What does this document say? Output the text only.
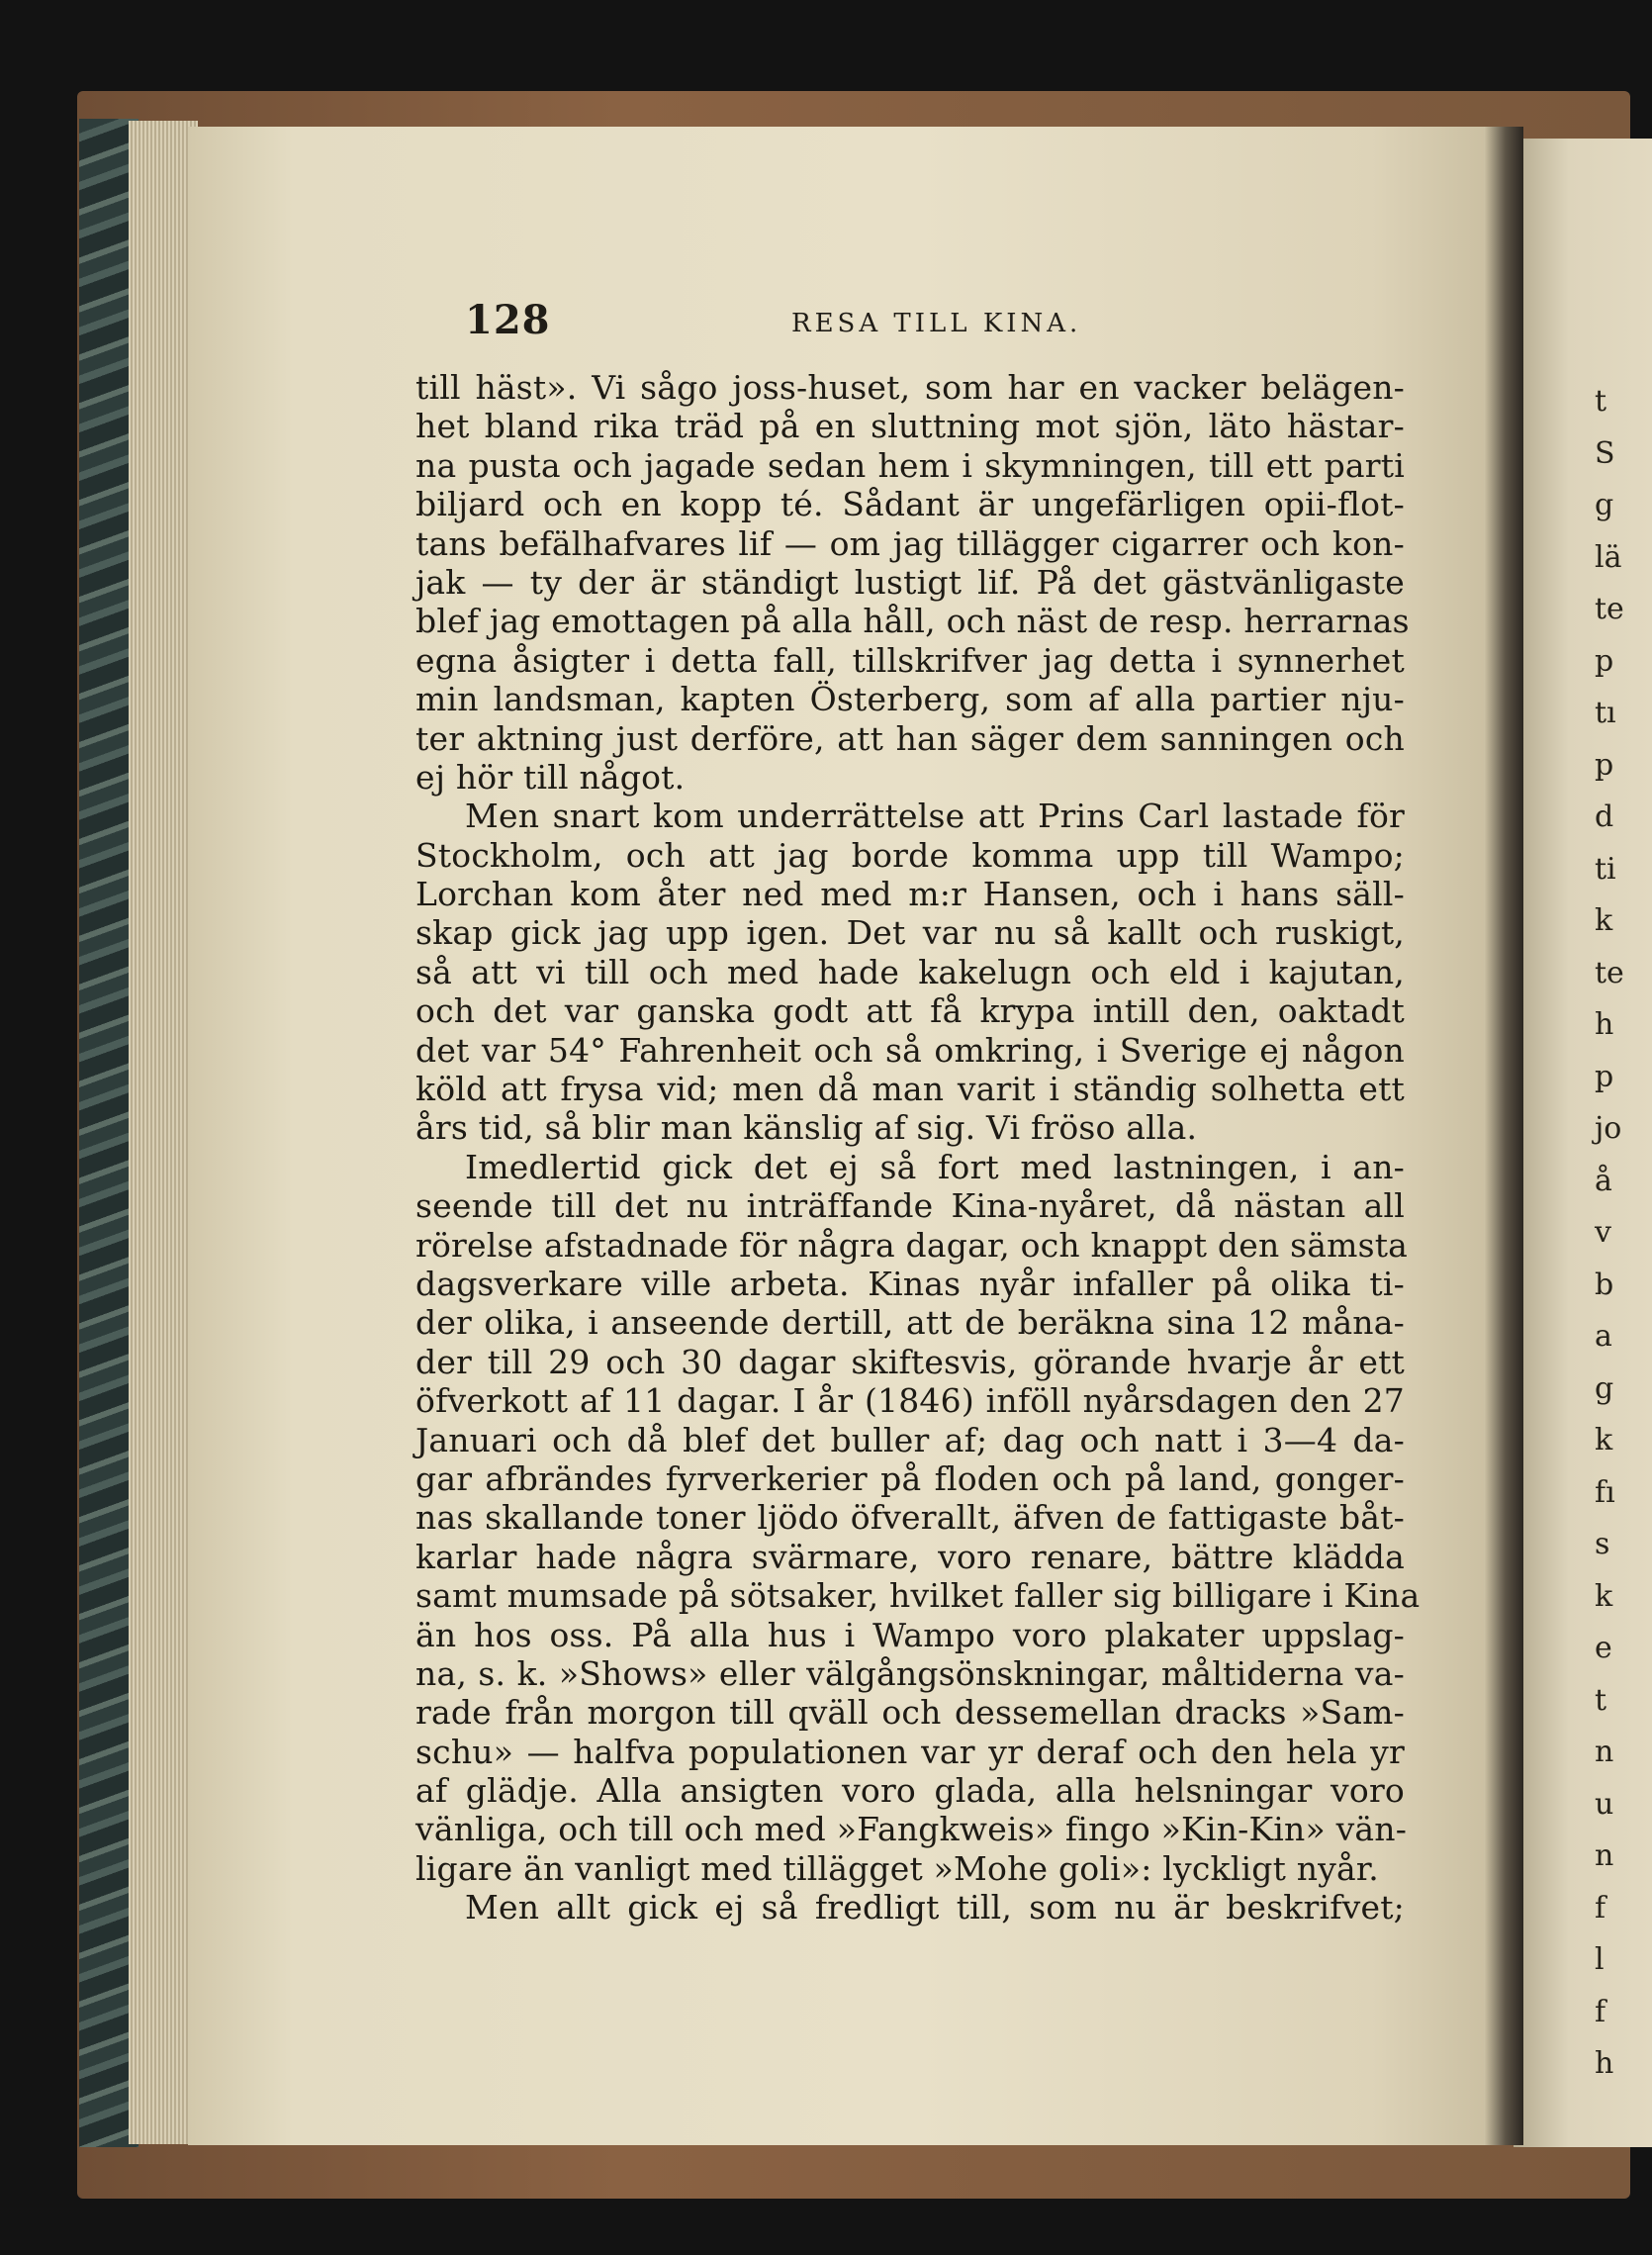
t
S
g
lä
te
p
tı
p
d
ti
k
te
h
p
jo
å
v
b
a
g
k
fı
s
k
e
t
n
u
n
f
l
f
h
128	RESA TILL KINA.
till häst». Vi sågo joss-huset, som har en vacker belägen-
het bland rika träd på en sluttning mot sjön, läto hästar-
na pusta och jagade sedan hem i skymningen, till ett parti
biljard och en kopp té. Sådant är ungefärligen opii-flot-
tans befälhafvares lif — om jag tillägger cigarrer och kon-
jak — ty der är ständigt lustigt lif. På det gästvänligaste
blef jag emottagen på alla håll, och näst de resp. herrarnas
egna åsigter i detta fall, tillskrifver jag detta i synnerhet
min landsman, kapten Österberg, som af alla partier nju-
ter aktning just derföre, att han säger dem sanningen och
ej hör till något.
Men snart kom underrättelse att Prins Carl lastade för
Stockholm, och att jag borde komma upp till Wampo;
Lorchan kom åter ned med m:r Hansen, och i hans säll-
skap gick jag upp igen. Det var nu så kallt och ruskigt,
så att vi till och med hade kakelugn och eld i kajutan,
och det var ganska godt att få krypa intill den, oaktadt
det var 54° Fahrenheit och så omkring, i Sverige ej någon
köld att frysa vid; men då man varit i ständig solhetta ett
års tid, så blir man känslig af sig. Vi fröso alla.
Imedlertid gick det ej så fort med lastningen, i an-
seende till det nu inträffande Kina-nyåret, då nästan all
rörelse afstadnade för några dagar, och knappt den sämsta
dagsverkare ville arbeta. Kinas nyår infaller på olika ti-
der olika, i anseende dertill, att de beräkna sina 12 måna-
der till 29 och 30 dagar skiftesvis, görande hvarje år ett
öfverkott af 11 dagar. I år (1846) inföll nyårsdagen den 27
Januari och då blef det buller af; dag och natt i 3—4 da-
gar afbrändes fyrverkerier på floden och på land, gonger-
nas skallande toner ljödo öfverallt, äfven de fattigaste båt-
karlar hade några svärmare, voro renare, bättre klädda
samt mumsade på sötsaker, hvilket faller sig billigare i Kina
än hos oss. På alla hus i Wampo voro plakater uppslag-
na, s. k. »Shows» eller välgångsönskningar, måltiderna va-
rade från morgon till qväll och dessemellan dracks »Sam-
schu» — halfva populationen var yr deraf och den hela yr
af glädje. Alla ansigten voro glada, alla helsningar voro
vänliga, och till och med »Fangkweis» fingo »Kin-Kin» vän-
ligare än vanligt med tillägget »Mohe goli»: lyckligt nyår.
Men allt gick ej så fredligt till, som nu är beskrifvet;
